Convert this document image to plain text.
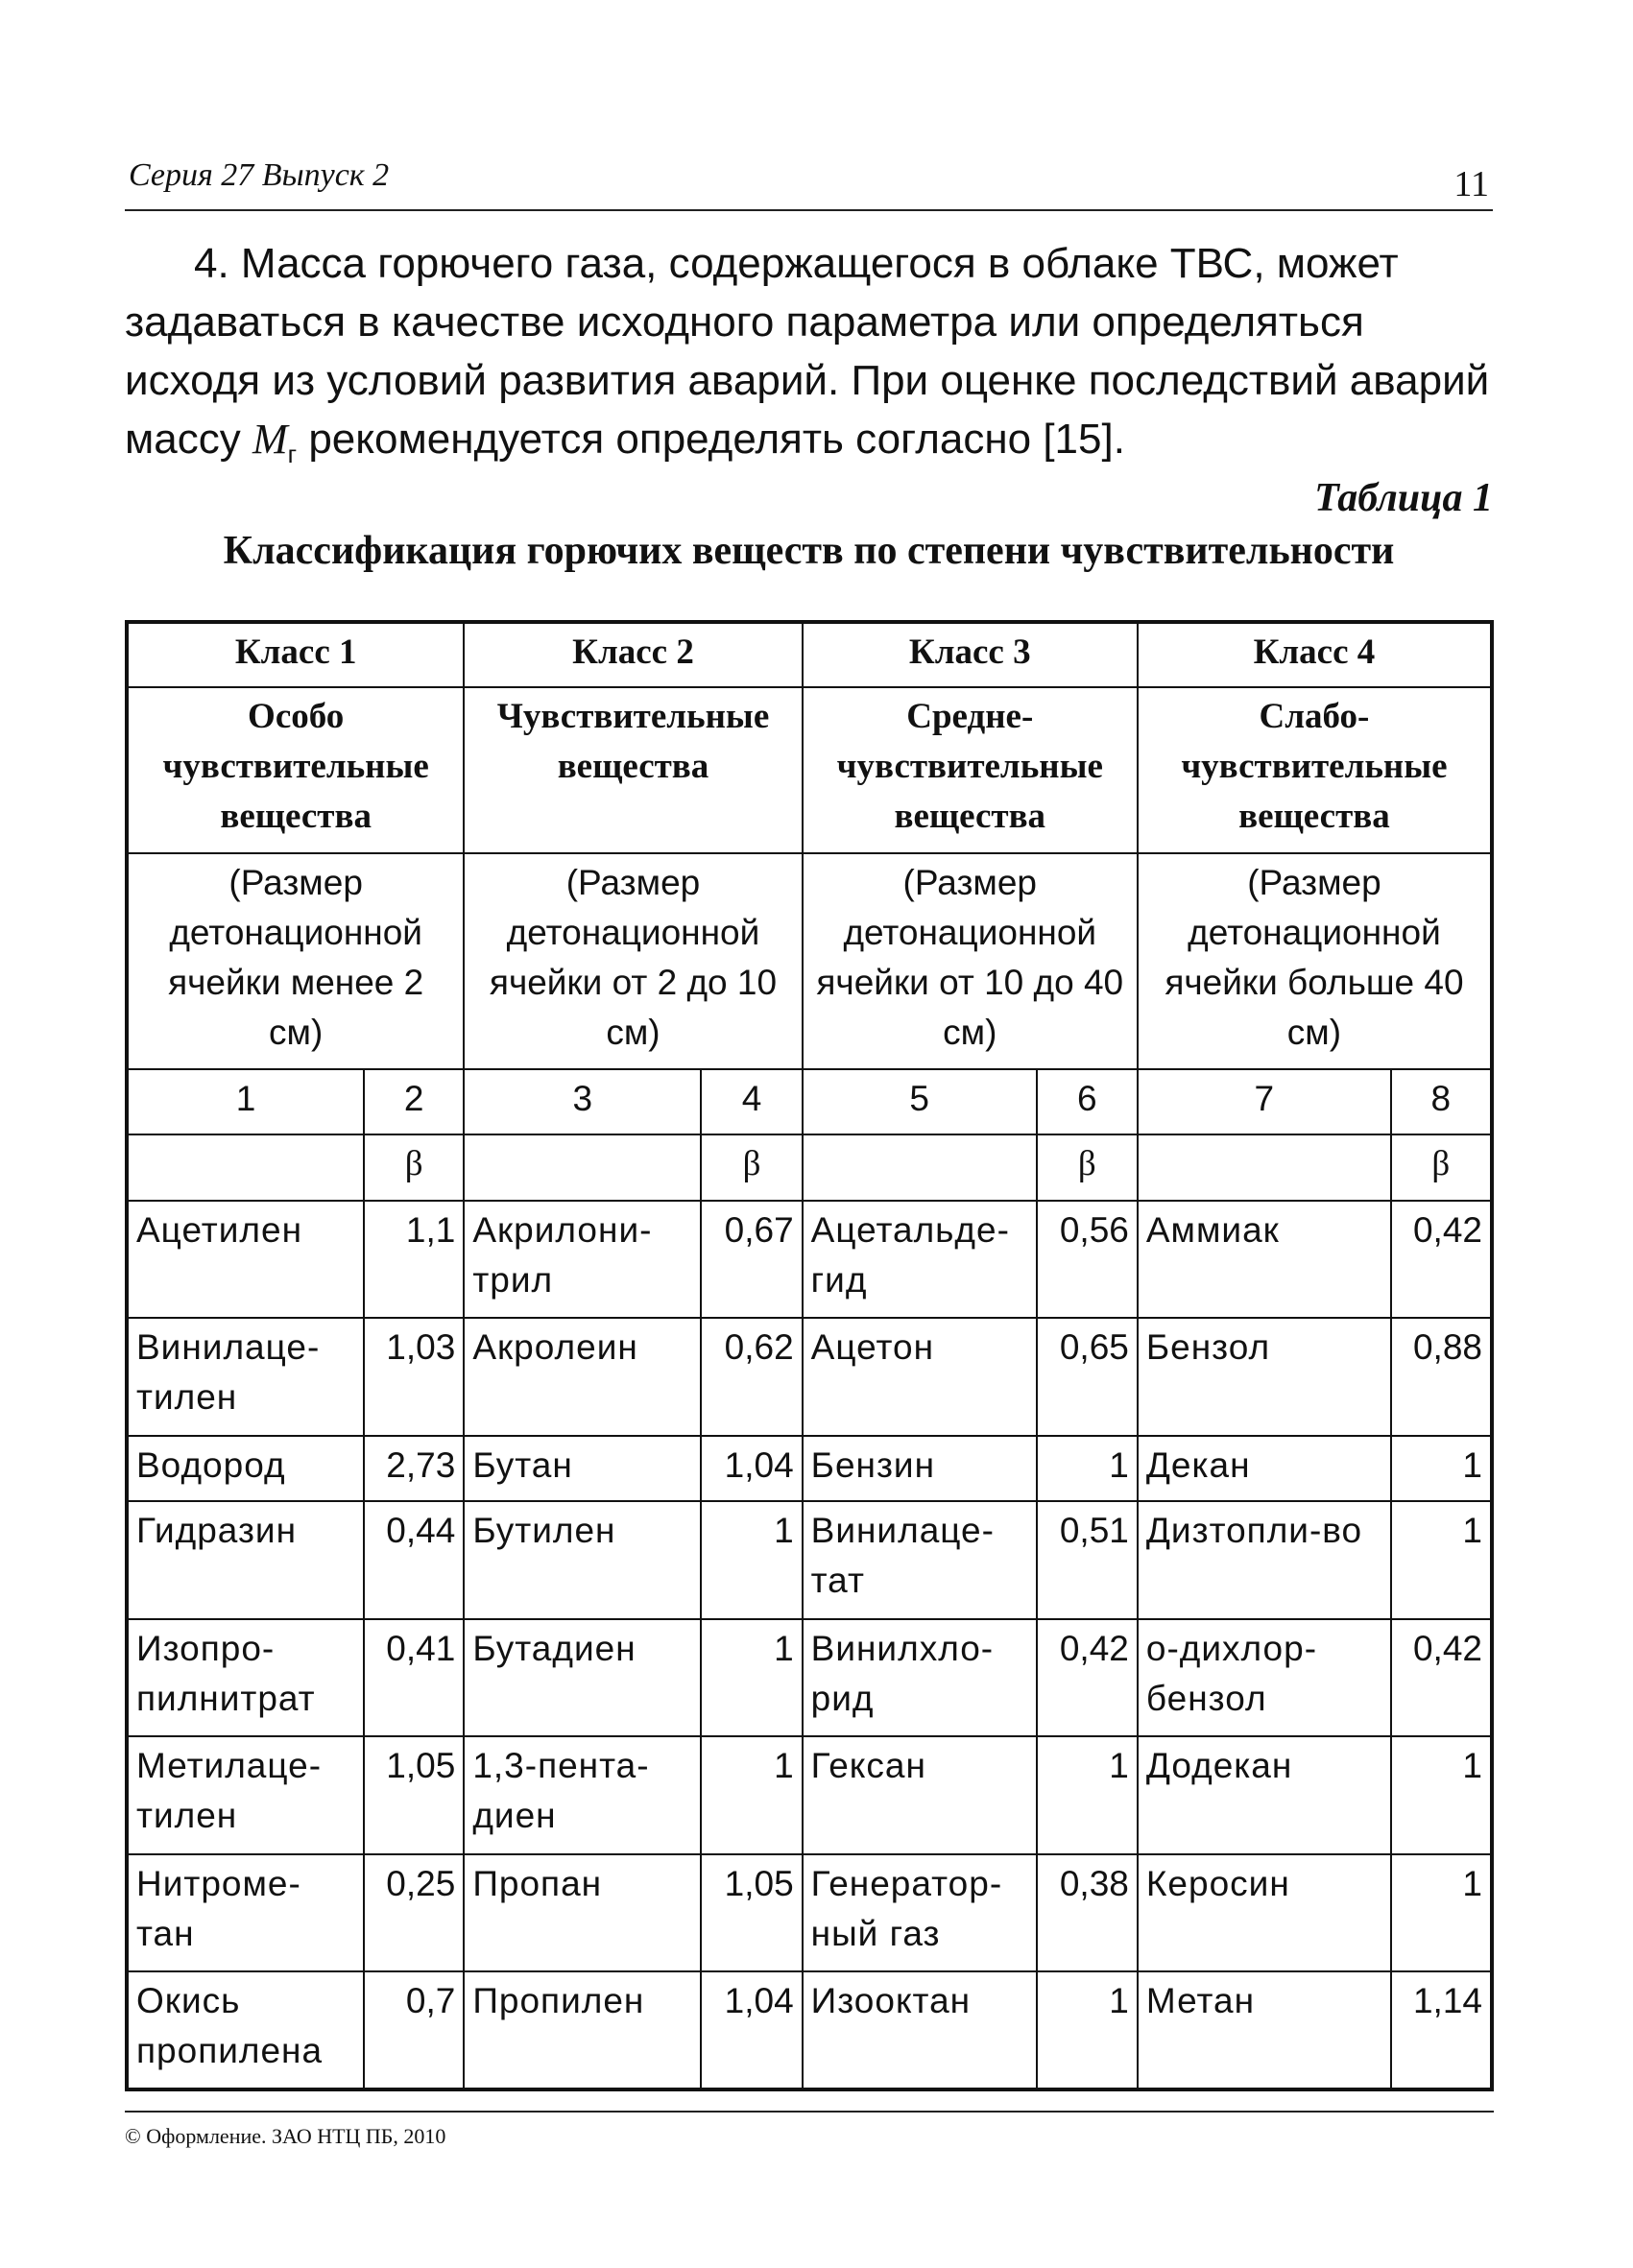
Серия 27 Выпуск 2	11

4. Масса горючего газа, содержащегося в облаке ТВС, может задаваться в качестве исходного параметра или определяться исходя из условий развития аварий. При оценке последствий аварий массу $M_г$ рекомендуется определять согласно [15].

Таблица 1
Классификация горючих веществ по степени чувствительности
Класс 1		Класс 2		Класс 3		Класс 4	
Особо чувствительные вещества		Чувствительные вещества		Средне-чувствительные вещества		Слабо-чувствительные вещества	
(Размер детонационной ячейки менее 2 см)		(Размер детонационной ячейки от 2 до 10 см)		(Размер детонационной ячейки от 10 до 40 см)		(Размер детонационной ячейки больше 40 см)	
1	2	3	4	5	6	7	8
	β		β		β		β
Ацетилен	1,1	Акрилони-трил	0,67	Ацетальде-гид	0,56	Аммиак	0,42
Винилаце-тилен	1,03	Акролеин	0,62	Ацетон	0,65	Бензол	0,88
Водород	2,73	Бутан	1,04	Бензин	1	Декан	1
Гидразин	0,44	Бутилен	1	Винилаце-тат	0,51	Дизтопли-во	1
Изопро-пилнитрат	0,41	Бутадиен	1	Винилхло-рид	0,42	о-дихлор-бензол	0,42
Метилаце-тилен	1,05	1,3-пента-диен	1	Гексан	1	Додекан	1
Нитроме-тан	0,25	Пропан	1,05	Генератор-ный газ	0,38	Керосин	1
Окись пропилена	0,7	Пропилен	1,04	Изооктан	1	Метан	1,14
© Оформление. ЗАО НТЦ ПБ, 2010
